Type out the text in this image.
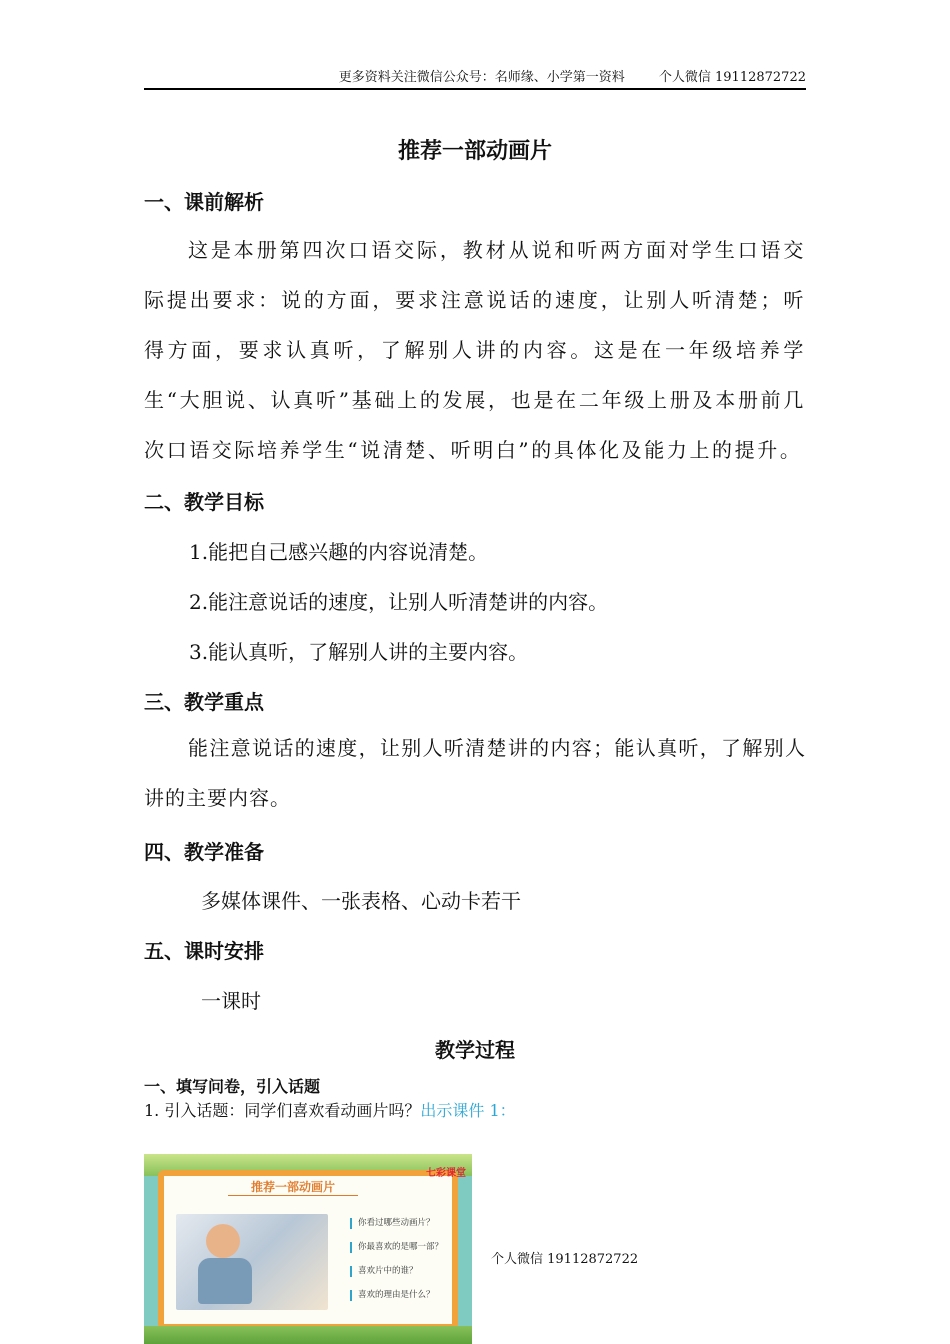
更多资料关注微信公众号：名师缘、小学第一资料	个人微信 19112872722
推荐一部动画片
一、课前解析
这是本册第四次口语交际，教材从说和听两方面对学生口语交际提出要求：说的方面，要求注意说话的速度，让别人听清楚；听得方面，要求认真听，了解别人讲的内容。这是在一年级培养学生“大胆说、认真听”基础上的发展，也是在二年级上册及本册前几次口语交际培养学生“说清楚、听明白”的具体化及能力上的提升。
二、教学目标
1.能把自己感兴趣的内容说清楚。
2.能注意说话的速度，让别人听清楚讲的内容。
3.能认真听，了解别人讲的主要内容。
三、教学重点
能注意说话的速度，让别人听清楚讲的内容；能认真听，了解别人讲的主要内容。
四、教学准备
多媒体课件、一张表格、心动卡若干
五、课时安排
一课时
教学过程
一、填写问卷，引入话题
1. 引入话题：同学们喜欢看动画片吗？出示课件 1：
七彩课堂
推荐一部动画片
你看过哪些动画片？
你最喜欢的是哪一部？
喜欢片中的谁？
喜欢的理由是什么？
个人微信 19112872722
